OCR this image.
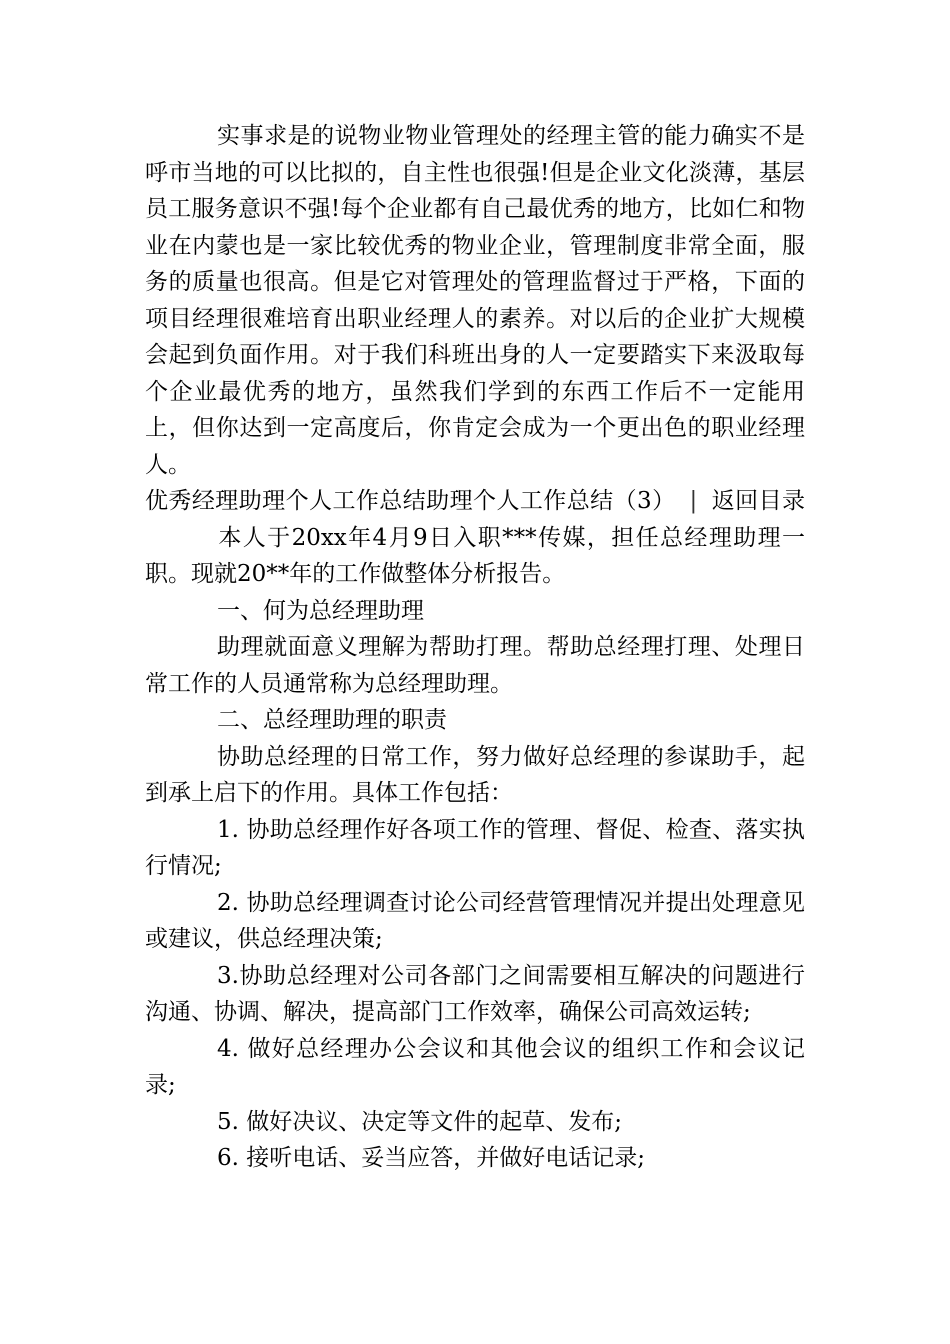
实事求是的说物业物业管理处的经理主管的能力确实不是呼市当地的可以比拟的，自主性也很强!但是企业文化淡薄，基层员工服务意识不强!每个企业都有自己最优秀的地方，比如仁和物业在内蒙也是一家比较优秀的物业企业，管理制度非常全面，服务的质量也很高。但是它对管理处的管理监督过于严格，下面的项目经理很难培育出职业经理人的素养。对以后的企业扩大规模会起到负面作用。对于我们科班出身的人一定要踏实下来汲取每个企业最优秀的地方，虽然我们学到的东西工作后不一定能用上，但你达到一定高度后，你肯定会成为一个更出色的职业经理人。

优秀经理助理个人工作总结助理个人工作总结（3） | 返回目录本人于20xx年4月9日入职***传媒，担任总经理助理一职。现就20**年的工作做整体分析报告。

一、何为总经理助理

助理就面意义理解为帮助打理。帮助总经理打理、处理日常工作的人员通常称为总经理助理。

二、总经理助理的职责

协助总经理的日常工作，努力做好总经理的参谋助手，起到承上启下的作用。具体工作包括：

1. 协助总经理作好各项工作的管理、督促、检查、落实执行情况;

2. 协助总经理调查讨论公司经营管理情况并提出处理意见或建议，供总经理决策;

3.协助总经理对公司各部门之间需要相互解决的问题进行沟通、协调、解决，提高部门工作效率，确保公司高效运转;

4. 做好总经理办公会议和其他会议的组织工作和会议记录;

5. 做好决议、决定等文件的起草、发布;

6. 接听电话、妥当应答，并做好电话记录;
